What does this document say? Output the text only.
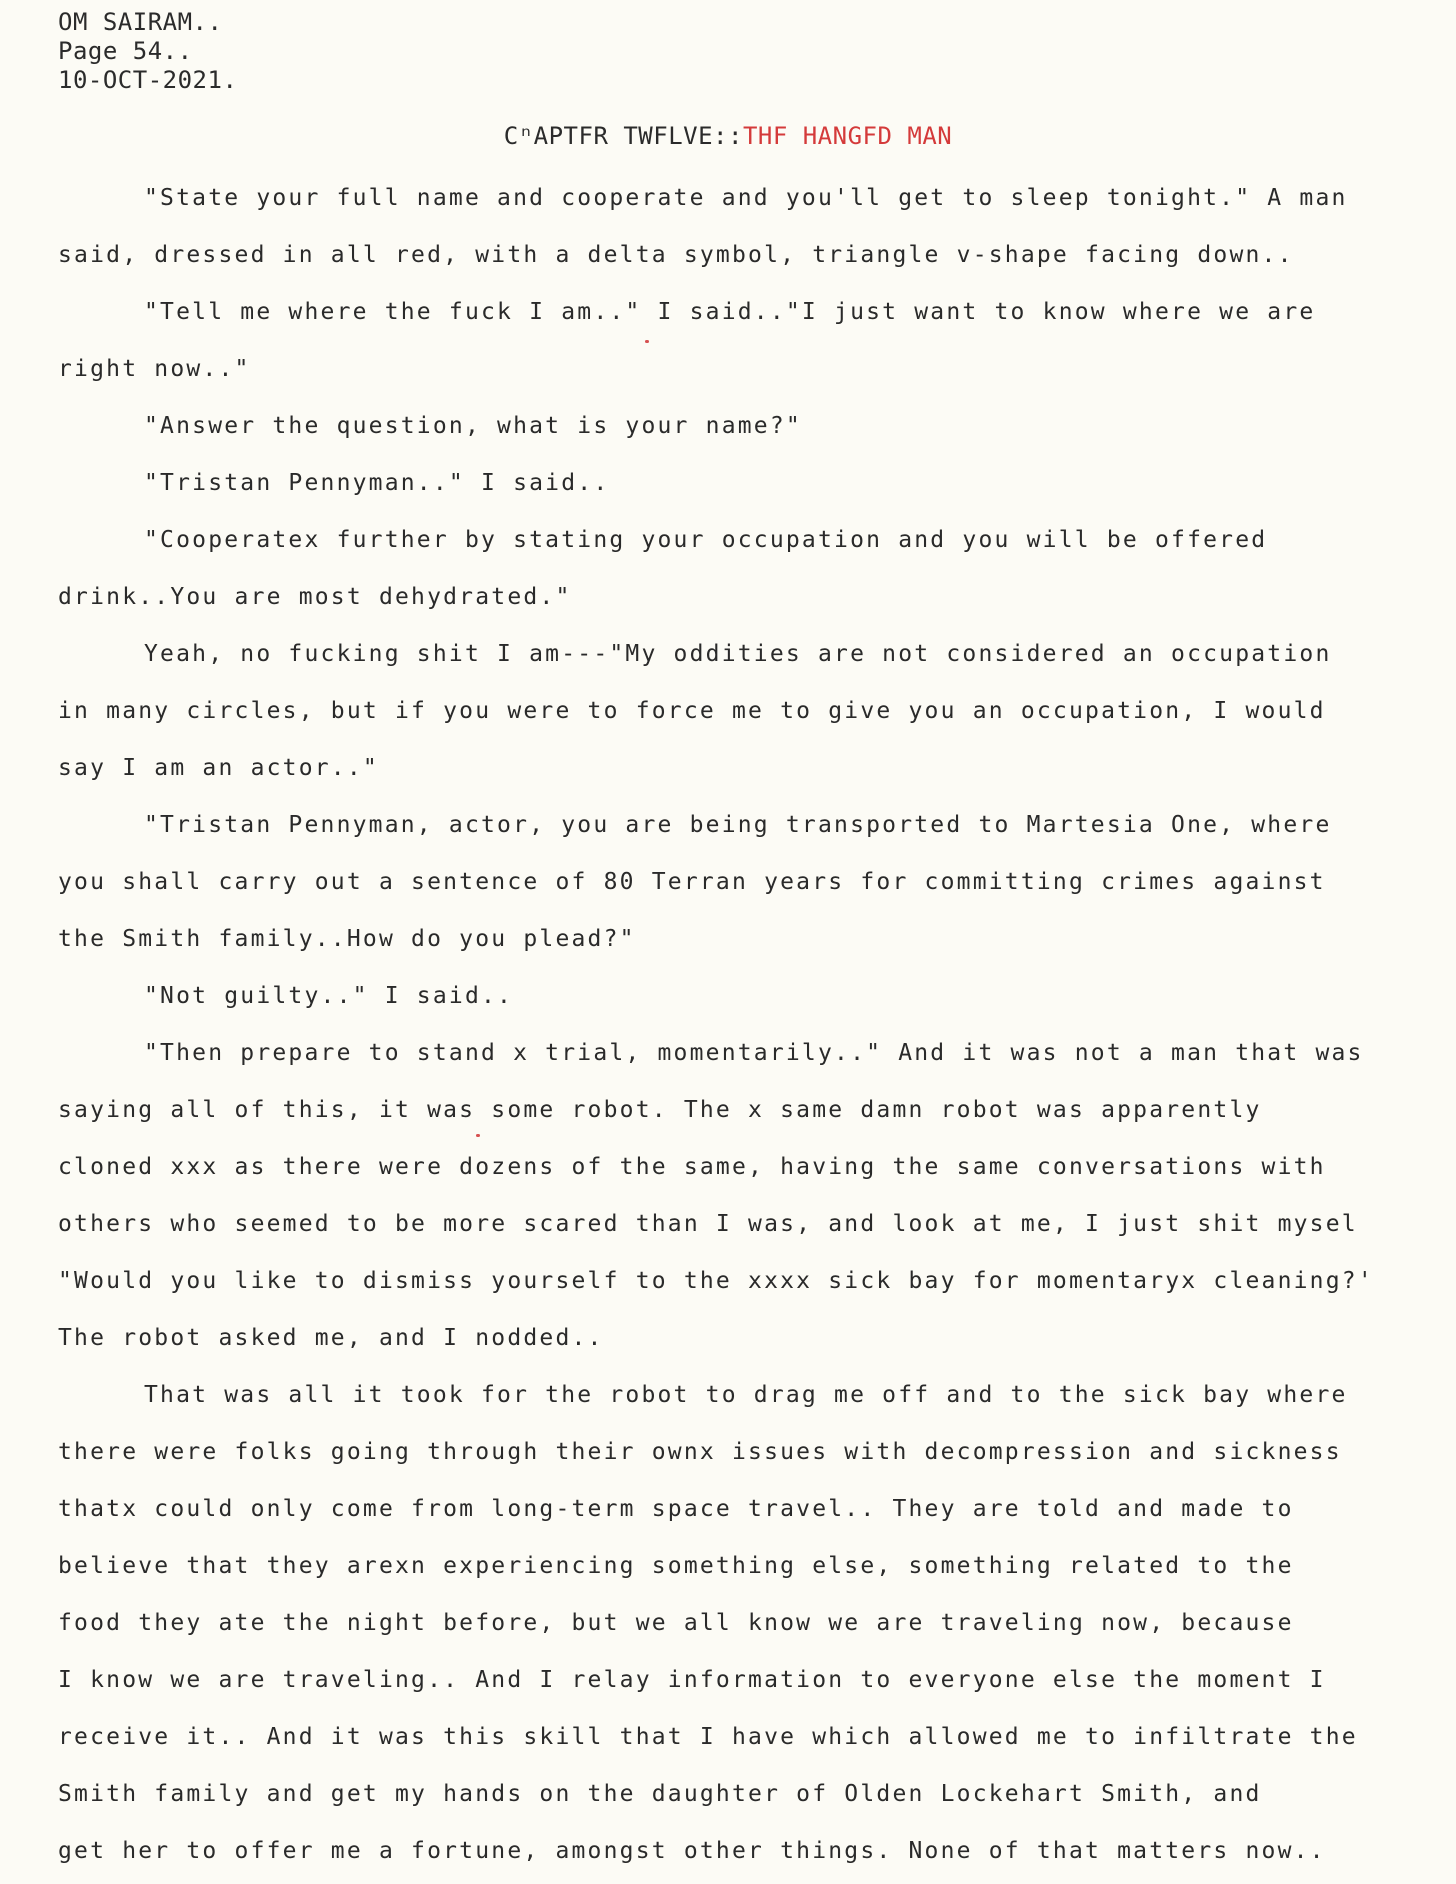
OM SAIRAM..
Page 54..
10-OCT-2021.
CⁿAPTFR TWFLVE::THF HANGFD MAN
"State your full name and cooperate and you'll get to sleep tonight." A man
said, dressed in all red, with a delta symbol, triangle v-shape facing down..
"Tell me where the fuck I am.." I said.."I just want to know where we are
right now.."
"Answer the question, what is your name?"
"Tristan Pennyman.." I said..
"Cooperatex further by stating your occupation and you will be offered
drink..You are most dehydrated."
Yeah, no fucking shit I am---"My oddities are not considered an occupation
in many circles, but if you were to force me to give you an occupation, I would
say I am an actor.."
"Tristan Pennyman, actor, you are being transported to Martesia One, where
you shall carry out a sentence of 80 Terran years for committing crimes against
the Smith family..How do you plead?"
"Not guilty.." I said..
"Then prepare to stand x trial, momentarily.." And it was not a man that was
saying all of this, it was some robot. The x same damn robot was apparently
cloned xxx as there were dozens of the same, having the same conversations with
others who seemed to be more scared than I was, and look at me, I just shit mysel
"Would you like to dismiss yourself to the xxxx sick bay for momentaryx cleaning?'
The robot asked me, and I nodded..
That was all it took for the robot to drag me off and to the sick bay where
there were folks going through their ownx issues with decompression and sickness
thatx could only come from long-term space travel.. They are told and made to
believe that they arexn experiencing something else, something related to the
food they ate the night before, but we all know we are traveling now, because
I know we are traveling.. And I relay information to everyone else the moment I
receive it.. And it was this skill that I have which allowed me to infiltrate the
Smith family and get my hands on the daughter of Olden Lockehart Smith, and
get her to offer me a fortune, amongst other things. None of that matters now..
